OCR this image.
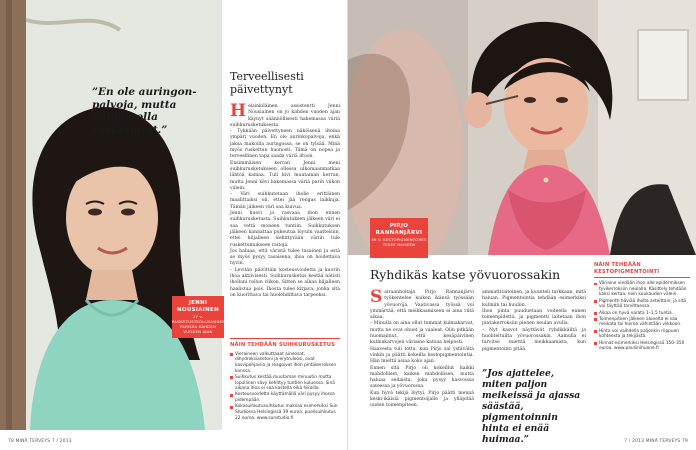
”En ole auringon-palvoja, mutta haluan olla rusketunut.”
JENNI NOUSIAINEN
27 v. RUSKETUSTEOLLISUUDEN PARISSA KAHDEN VUODEN AJAN
Terveellisesti päivettynyt

Helsinkiläinen assistentti Jenni Nousiainen on jo kahden vuoden ajan käynyt säännöllisesti hakemassa väriä suihkurusketuksesta.

– Tykkään päivettyneen näköisenä iltoina ympäri vuoden. En ole aurinkopalvoja, enkä jaksa makoilla auringossa, se on tylsää. Minä myös ruskettun huonosti. Tämä on nopea ja terveellinen tapa saada väriä iltoon.

Ensimmäisen kerran Jenni meni suihkurusketukseen ollessa ulkomaanmatkaa lähtöä kamaa. Tuli kivi muutaman kerran, mutta Jenni kävi hakemassa väriä parin viikon välein.

– Väri suihkutetaan iholle erittäinen maalittaiksi oli, ettei jää rengas laikkuja. Tämän jälkeen väri saa kuivua.

Jenni kuori ja rasvaaa ihon ennen suihkurusketusta. Suihkutuksen jälkeen väri ei saa vettä moneen tuntiin. Suihkutuksen jälkeen kannattaa pukeutua löysiin vaatteisiin, ettei hiljalleen kehittyvään väriin tule ruskettumukseen raitoja.

Jos haluaa, että väristä tulee tasainen ja estä se myös pysyy tasaisena, ihoa on hoidettava hyvin.

– Levitän päivittäin kosteusvoidetta ja kuorin ihoa aktiivisesti. Suihkurusketus kestää nätisti ihollani reilun viikon. Sitten se alkaa hiljalleen haalistua pois. Ihosta tulee kirjava, jonka sitä on kuorittava tai huolehdittava tarpeeksi.

NÄIN TEHDÄÄN SUIHKURUSKETUS
Vieraineen valkuttaaat aineosat, dihydroksiasetoni ja erytruloosi, ovat kasvipohjaisia ja reagoivat ihon pintakerroksen kanssa.
Suihkutus kestää muutaman minuutin mutta lopullinen sävy kehittyy tuntien kuluessa. Sinä aikana ihoa ei saa kastella eikä hikoilla.
Kosteusvoidetta käyttämällä väri pysyy ihossa pidempään.
Kokosuihkutusuihkutus maksaa esimerkiksi Sun Studiossa Helsingissä 39 euroa, puolisuihkutus 22 euroa. www.sunstudio.fi
78 MINÄ TERVEYS 7 / 2013
PIRJO RANNANJÄRVI
46 V. KESTOPIGMENTOINTI TEKEE NAISEEN
Ryhdikäs katse yövuorossakin

Sairaanhoitaja Pirjo Rannanjärvi työkentelee kaiken ikänsä työssään yövuoroja. Vaativassa työssä voi ymmärtää, että meikkaamiseen ei aina riitä aikaa.

– Minulla on aina ollut tummat kulmakarvat, mutta ne ovat ohuet ja vaaleat. Olin pitkään huomannut, että kesäpäivinen kulmakarvojen väriaine katoaa helposti.

Haavesta tuli totta, kun Pirjo sai ystävältä vinkin ja päätti kokeilla kestopigmentointia. Hän miettii asiaa koko ajan.

Ennen sitä Pirjo oli kokeillut kaikki mahdolliset, kaiken mahdollisen, mutta haluaa sellaista, joka pysyy kasvoissa sateessa ja yövuorossa.

Kun hyvä tekijä löytyi, Pirjo päätti mennä keski-ikäisiä pigmentoijalle ja ylläpitää uuden toimenpiteen.

ammattitaitoinen, ja kuunteli tarkkaan, mitä haluan. Pigmentointia tehdään esimerkiksi kulmiin tai huuliin.

Ihon pinta puuduetaan voiteella ennen toimenpidettä, ja pigmentti laitetaan ihon pintakerroksiin pienen neulan avulla.

– Nyt kasvot näyttävät ryhdikkäiltä ja huoliteltuilta yövuorossakin. Aamulla ei tarvitse miettiä meikkaamista, kun pigmentointi pitää.

”Jos ajattelee, miten paljon meikeissä ja ajassa säästää, pigmentoinnin hinta ei enää huimaa.”
NÄIN TEHDÄÄN KESTOPIGMENTOINTI
Väriaine viedään ihon alle epidermiksen tyvikerroksiin neulalla. Käsittely tehdään kaksi kertaa, noin kuukauden välein.
Pigmentti häviää iholta asteittain, ja sitä voi täyttää tarvittaessa.
Aikaa on hyvä varata 1–1,5 tuntia.
Toimenpiteen jälkeen alueelta ei saa meikata tai hieroa vähintään viikkoon.
Hinta voi vaihdella paljonkin riippuen kohteesta ja tekijästä.
Hinnat esimerkiksi Helsingissä 150–350 euroa. www.pauliinihuone.fi
7 / 2013 MINÄ TERVEYS 79
